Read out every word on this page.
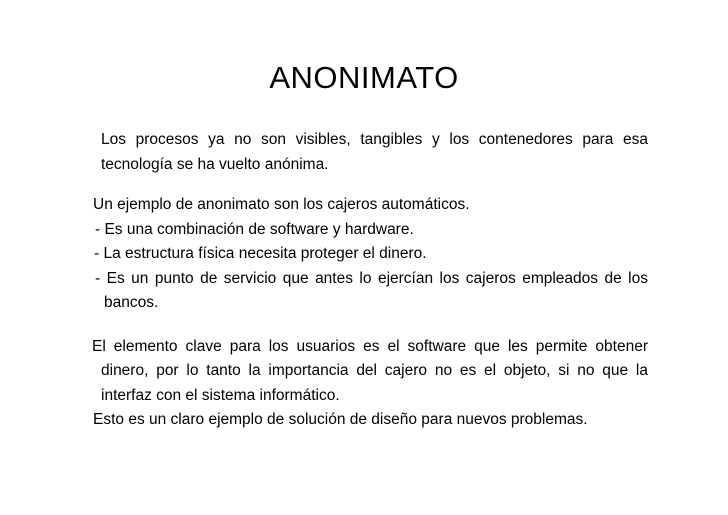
ANONIMATO

Los procesos ya no son visibles, tangibles y los contenedores para esa tecnología se ha vuelto anónima.

Un ejemplo de anonimato son los cajeros automáticos.

- Es una combinación de software y hardware.

- La estructura física necesita proteger el dinero.

- Es un punto de servicio que antes lo ejercían los cajeros empleados de los bancos.

El elemento clave para los usuarios es el software que les permite obtener dinero, por lo tanto la importancia del cajero no es el objeto, si no que la interfaz con el sistema informático.

Esto es un claro ejemplo de solución de diseño para nuevos problemas.
